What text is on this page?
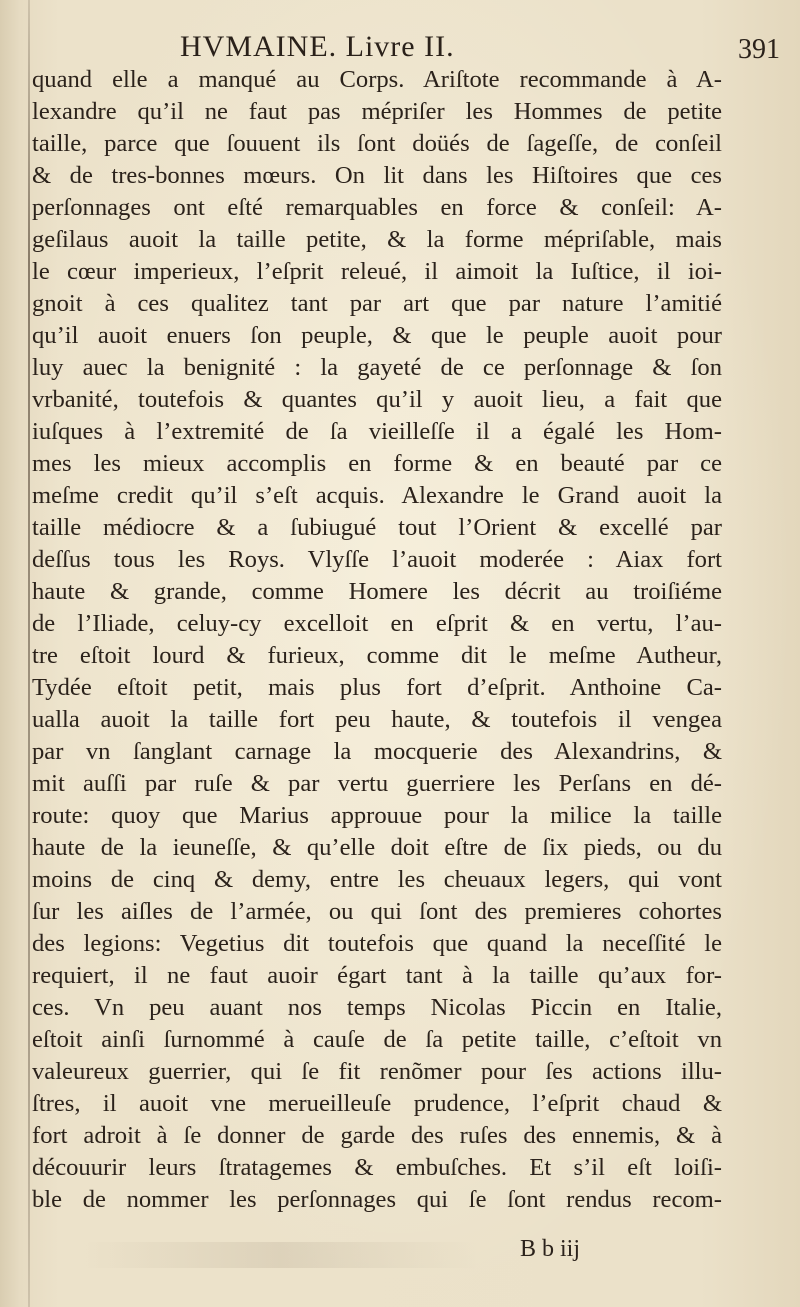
HVMAINE. Livre II.	391
quand elle a manqué au Corps. Ariſtote recommande à A-
lexandre qu’il ne faut pas mépriſer les Hommes de petite
taille, parce que ſouuent ils ſont doüés de ſageſſe, de conſeil
& de tres-bonnes mœurs. On lit dans les Hiſtoires que ces
perſonnages ont eſté remarquables en force & conſeil: A-
geſilaus auoit la taille petite, & la forme mépriſable, mais
le cœur imperieux, l’eſprit releué, il aimoit la Iuſtice, il ioi-
gnoit à ces qualitez tant par art que par nature l’amitié
qu’il auoit enuers ſon peuple, & que le peuple auoit pour
luy auec la benignité : la gayeté de ce perſonnage & ſon
vrbanité, toutefois & quantes qu’il y auoit lieu, a fait que
iuſques à l’extremité de ſa vieilleſſe il a égalé les Hom-
mes les mieux accomplis en forme & en beauté par ce
meſme credit qu’il s’eſt acquis. Alexandre le Grand auoit la
taille médiocre & a ſubiugué tout l’Orient & excellé par
deſſus tous les Roys. Vlyſſe l’auoit moderée : Aiax fort
haute & grande, comme Homere les décrit au troiſiéme
de l’Iliade, celuy-cy excelloit en eſprit & en vertu, l’au-
tre eſtoit lourd & furieux, comme dit le meſme Autheur,
Tydée eſtoit petit, mais plus fort d’eſprit. Anthoine Ca-
ualla auoit la taille fort peu haute, & toutefois il vengea
par vn ſanglant carnage la mocquerie des Alexandrins, &
mit auſſi par ruſe & par vertu guerriere les Perſans en dé-
route: quoy que Marius approuue pour la milice la taille
haute de la ieuneſſe, & qu’elle doit eſtre de ſix pieds, ou du
moins de cinq & demy, entre les cheuaux legers, qui vont
ſur les aiſles de l’armée, ou qui ſont des premieres cohortes
des legions: Vegetius dit toutefois que quand la neceſſité le
requiert, il ne faut auoir égart tant à la taille qu’aux for-
ces. Vn peu auant nos temps Nicolas Piccin en Italie,
eſtoit ainſi ſurnommé à cauſe de ſa petite taille, c’eſtoit vn
valeureux guerrier, qui ſe fit renõmer pour ſes actions illu-
ſtres, il auoit vne merueilleuſe prudence, l’eſprit chaud &
fort adroit à ſe donner de garde des ruſes des ennemis, & à
découurir leurs ſtratagemes & embuſches. Et s’il eſt loiſi-
ble de nommer les perſonnages qui ſe ſont rendus recom-
B b iij
